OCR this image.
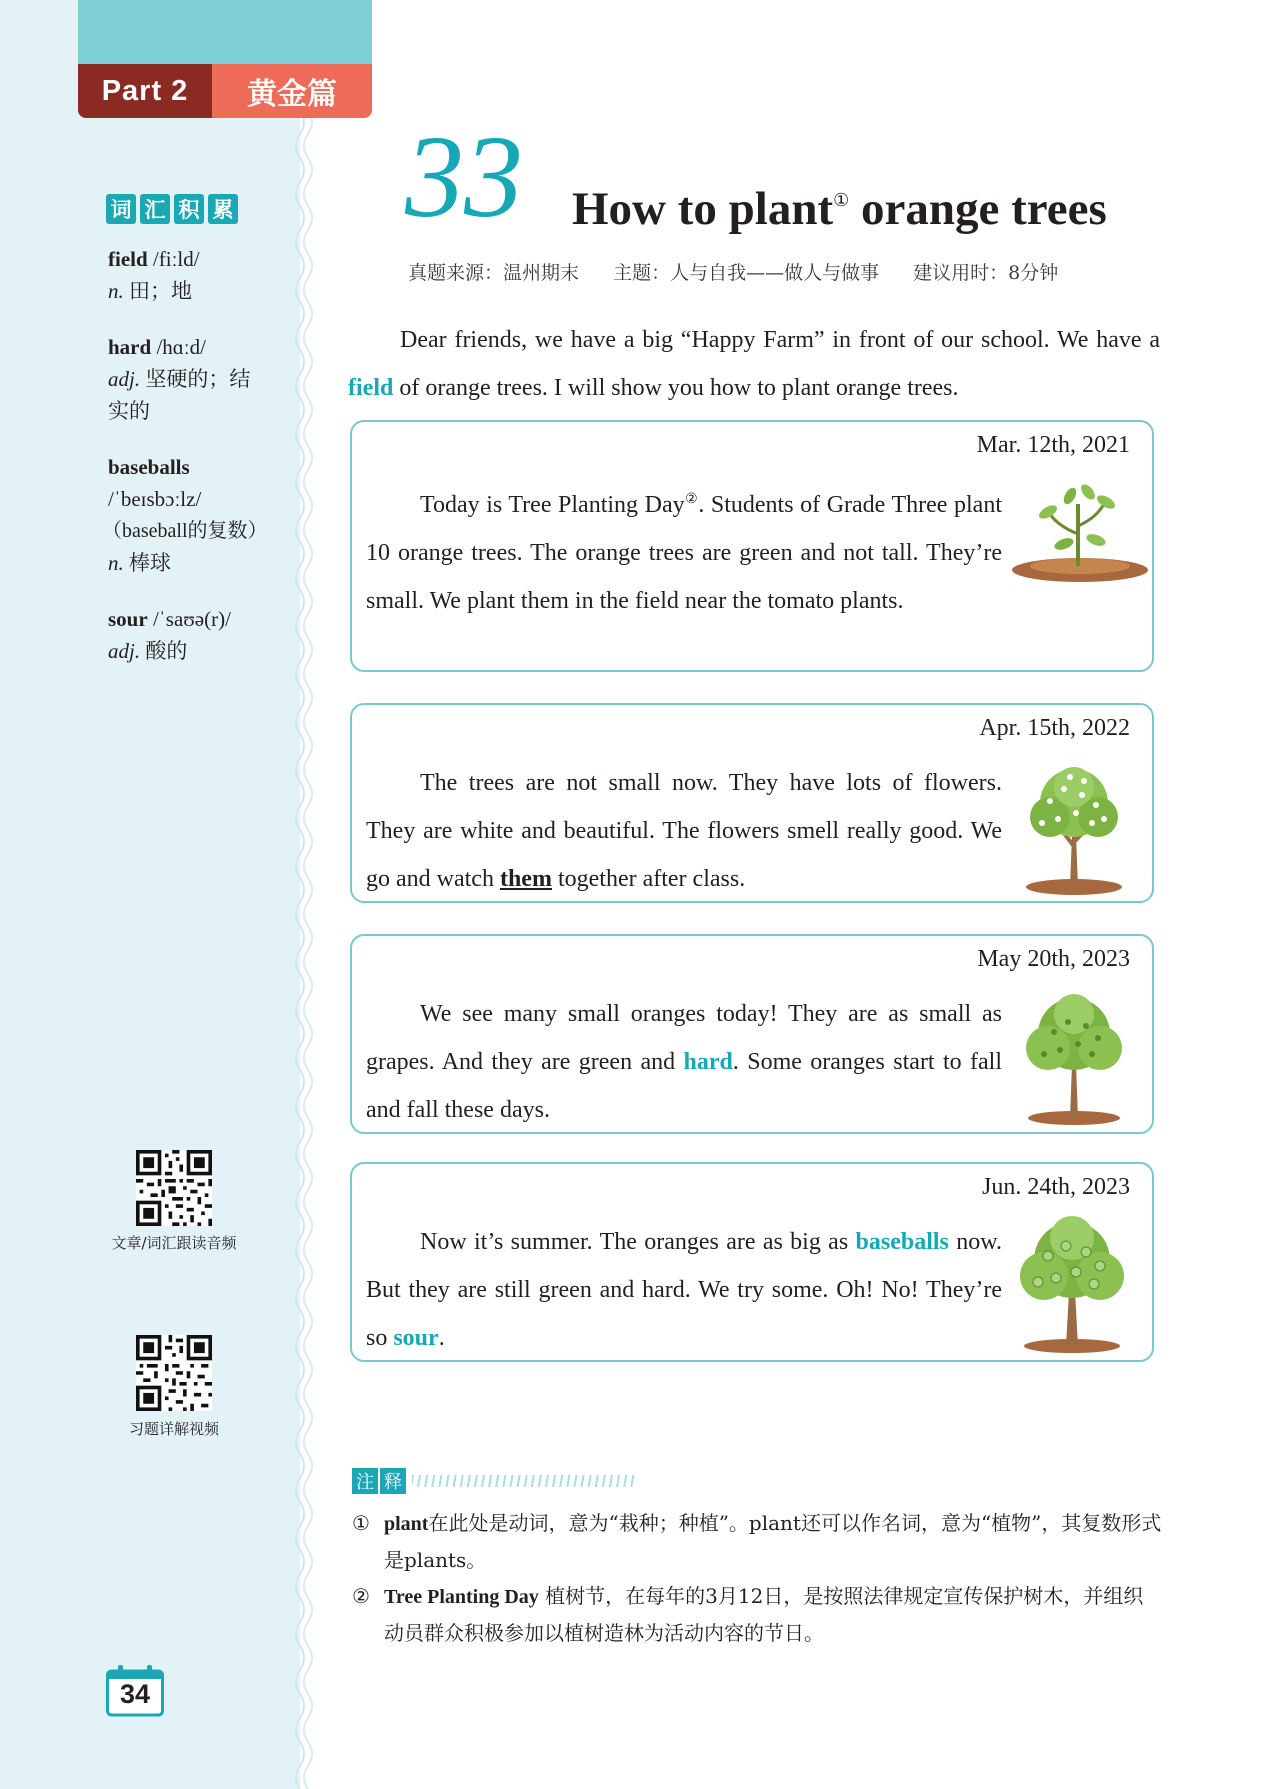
Part 2	黄金篇
词 汇 积 累
field /fiːld/
n. 田；地
hard /hɑːd/
adj. 坚硬的；结实的
baseballs
/ˈbeɪsbɔːlz/
（baseball的复数）
n. 棒球
sour /ˈsaʊə(r)/
adj. 酸的
文章/词汇跟读音频
习题详解视频
34
33 How to plant① orange trees
真题来源：温州期末 主题：人与自我——做人与做事 建议用时：8分钟

Dear friends, we have a big “Happy Farm” in front of our school. We have a field of orange trees. I will show you how to plant orange trees.

Mar. 12th, 2021

Today is Tree Planting Day②. Students of Grade Three plant 10 orange trees. The orange trees are green and not tall. They’re small. We plant them in the field near the tomato plants.

Apr. 15th, 2022

The trees are not small now. They have lots of flowers. They are white and beautiful. The flowers smell really good. We go and watch them together after class.

May 20th, 2023

We see many small oranges today! They are as small as grapes. And they are green and hard. Some oranges start to fall and fall these days.

Jun. 24th, 2023

Now it’s summer. The oranges are as big as baseballs now. But they are still green and hard. We try some. Oh! No! They’re so sour.

注 释
① plant在此处是动词，意为“栽种；种植”。plant还可以作名词，意为“植物”，其复数形式是plants。
② Tree Planting Day 植树节，在每年的3月12日，是按照法律规定宣传保护树木，并组织动员群众积极参加以植树造林为活动内容的节日。
